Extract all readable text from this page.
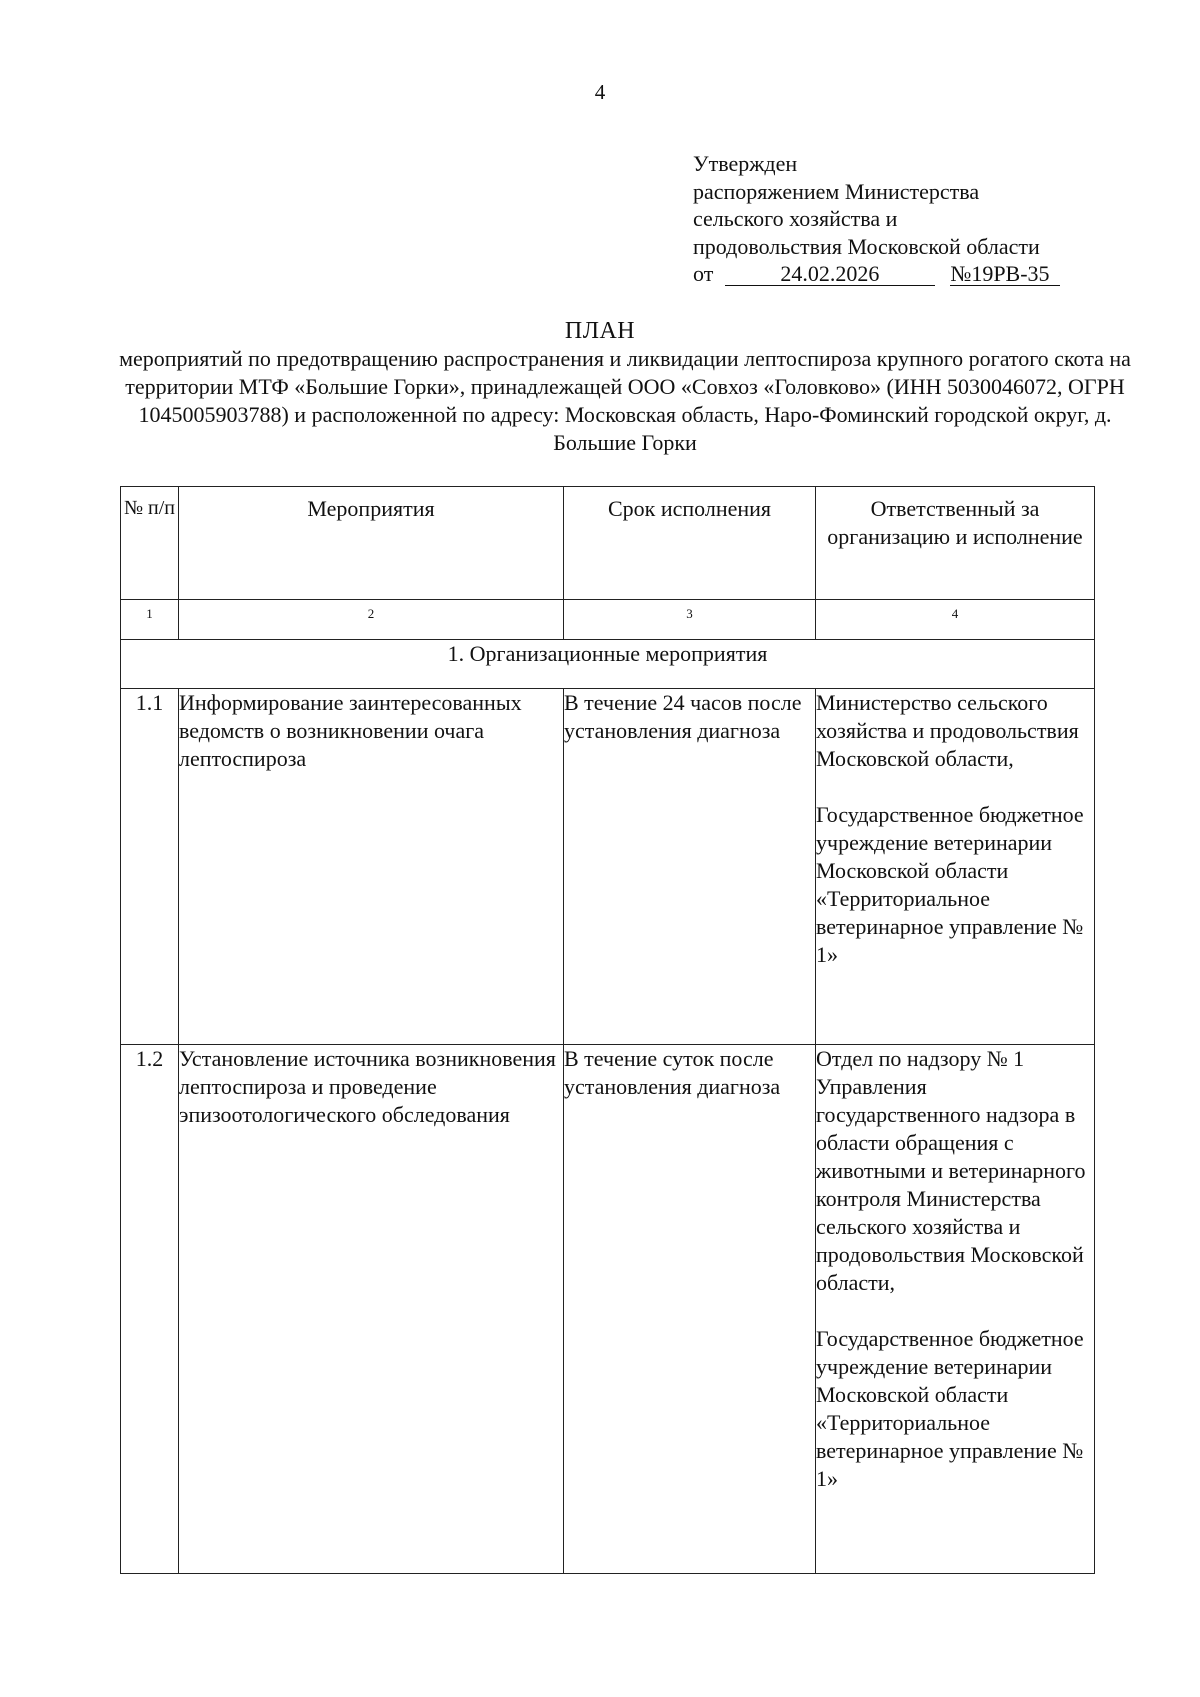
4
Утвержден
распоряжением Министерства
сельского хозяйства и
продовольствия Московской области
от	24.02.2026	№19РВ-35
ПЛАН
мероприятий по предотвращению распространения и ликвидации лептоспироза крупного рогатого скота на территории МТФ «Большие Горки», принадлежащей ООО «Совхоз «Головково» (ИНН 5030046072, ОГРН 1045005903788) и расположенной по адресу: Московская область, Наро-Фоминский городской округ, д. Большие Горки
№ п/п	Мероприятия	Срок исполнения	Ответственный за организацию и исполнение
1	2	3	4
1. Организационные мероприятия			
1.1	Информирование заинтересованных ведомств о возникновении очага лептоспироза	В течение 24 часов после установления диагноза	Министерство сельского хозяйства и продовольствия Московской области,
Государственное бюджетное учреждение ветеринарии Московской области «Территориальное ветеринарное управление № 1»

1.2	Установление источника возникновения лептоспироза и проведение эпизоотологического обследования	В течение суток после установления диагноза	Отдел по надзору № 1 Управления государственного надзора в области обращения с животными и ветеринарного контроля Министерства сельского хозяйства и продовольствия Московской области,
Государственное бюджетное учреждение ветеринарии Московской области «Территориальное ветеринарное управление № 1»
